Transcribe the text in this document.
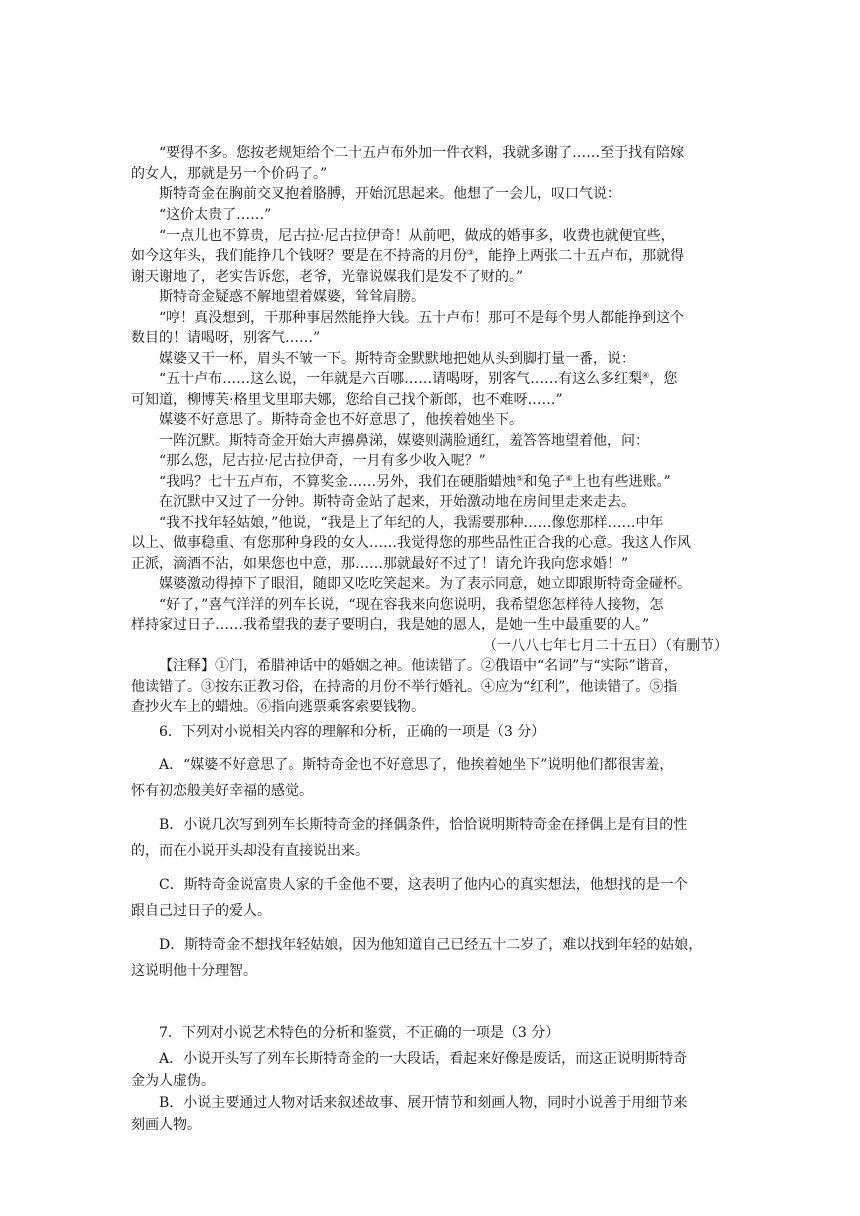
“要得不多。您按老规矩给个二十五卢布外加一件衣料，我就多谢了……至于找有陪嫁
的女人，那就是另一个价码了。”
斯特奇金在胸前交叉抱着胳膊，开始沉思起来。他想了一会儿，叹口气说：
“这价太贵了……”
“一点儿也不算贵，尼古拉·尼古拉伊奇！从前吧，做成的婚事多，收费也就便宜些，
如今这年头，我们能挣几个钱呀？要是在不持斋的月份③，能挣上两张二十五卢布，那就得
谢天谢地了，老实告诉您，老爷，光靠说媒我们是发不了财的。”
斯特奇金疑惑不解地望着媒婆，耸耸肩膀。
“哼！真没想到，干那种事居然能挣大钱。五十卢布！那可不是每个男人都能挣到这个
数目的！请喝呀，别客气……”
媒婆又干一杯，眉头不皱一下。斯特奇金默默地把她从头到脚打量一番，说：
“五十卢布……这么说，一年就是六百哪……请喝呀，别客气……有这么多红梨④，您
可知道，柳博芙·格里戈里耶夫娜，您给自己找个新郎，也不难呀……”
媒婆不好意思了。斯特奇金也不好意思了，他挨着她坐下。
一阵沉默。斯特奇金开始大声擤鼻涕，媒婆则满脸通红，羞答答地望着他，问：
“那么您，尼古拉·尼古拉伊奇，一月有多少收入呢？”
“我吗？七十五卢布，不算奖金……另外，我们在硬脂蜡烛⑤和兔子⑥上也有些进账。”
在沉默中又过了一分钟。斯特奇金站了起来，开始激动地在房间里走来走去。
“我不找年轻姑娘，”他说，“我是上了年纪的人，我需要那种……像您那样……中年
以上、做事稳重、有您那种身段的女人……我觉得您的那些品性正合我的心意。我这人作风
正派，滴酒不沾，如果您也中意，那……那就最好不过了！请允许我向您求婚！”
媒婆激动得掉下了眼泪，随即又吃吃笑起来。为了表示同意，她立即跟斯特奇金碰杯。
“好了，”喜气洋洋的列车长说，“现在容我来向您说明，我希望您怎样待人接物，怎
样持家过日子……我希望我的妻子要明白，我是她的恩人，是她一生中最重要的人。”
（一八八七年七月二十五日）（有删节）
【注释】①门，希腊神话中的婚姻之神。他读错了。②俄语中“名词”与“实际”谐音，
他读错了。③按东正教习俗，在持斋的月份不举行婚礼。④应为“红利”，他读错了。⑤指
查抄火车上的蜡烛。⑥指向逃票乘客索要钱物。
6．下列对小说相关内容的理解和分析，正确的一项是（3 分）
A．“媒婆不好意思了。斯特奇金也不好意思了，他挨着她坐下”说明他们都很害羞，
怀有初恋般美好幸福的感觉。
B．小说几次写到列车长斯特奇金的择偶条件，恰恰说明斯特奇金在择偶上是有目的性
的，而在小说开头却没有直接说出来。
C．斯特奇金说富贵人家的千金他不要，这表明了他内心的真实想法，他想找的是一个
跟自己过日子的爱人。
D．斯特奇金不想找年轻姑娘，因为他知道自己已经五十二岁了，难以找到年轻的姑娘，
这说明他十分理智。
7．下列对小说艺术特色的分析和鉴赏，不正确的一项是（3 分）
A．小说开头写了列车长斯特奇金的一大段话，看起来好像是废话，而这正说明斯特奇
金为人虚伪。
B．小说主要通过人物对话来叙述故事、展开情节和刻画人物，同时小说善于用细节来
刻画人物。
